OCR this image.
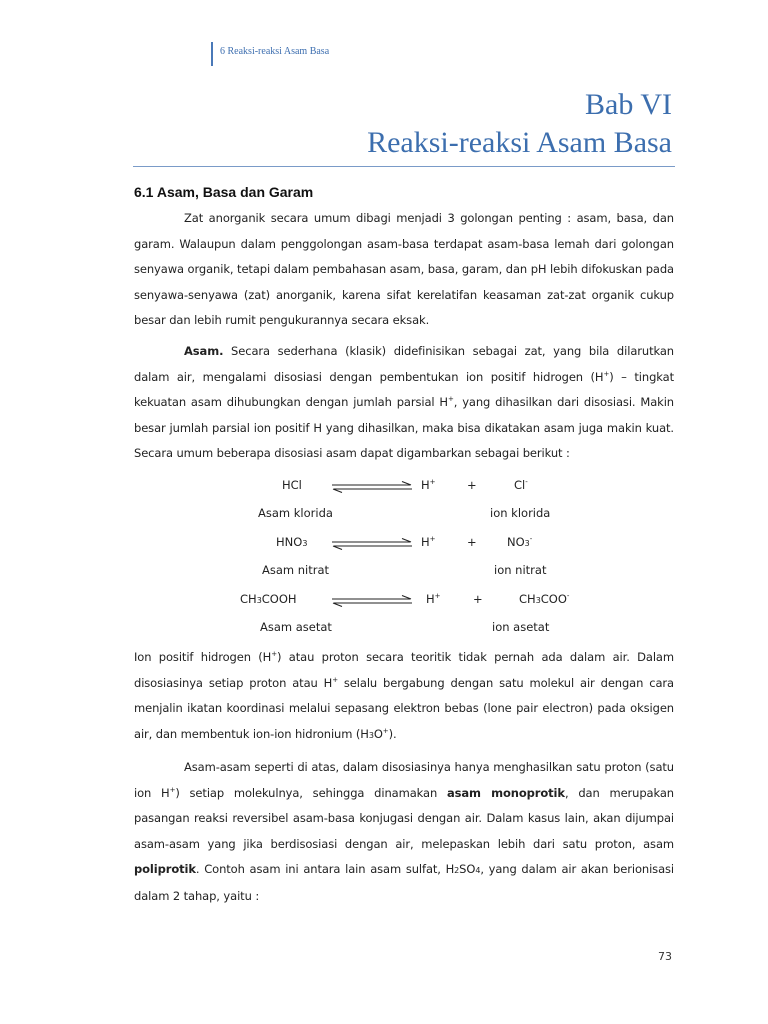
6 Reaksi-reaksi Asam Basa
Bab VI
Reaksi-reaksi Asam Basa
6.1 Asam, Basa dan Garam
Zat anorganik secara umum dibagi menjadi 3 golongan penting : asam, basa, dan garam. Walaupun dalam penggolongan asam-basa terdapat asam-basa lemah dari golongan senyawa organik, tetapi dalam pembahasan asam, basa, garam, dan pH lebih difokuskan pada senyawa-senyawa (zat) anorganik, karena sifat kerelatifan keasaman zat-zat organik cukup besar dan lebih rumit pengukurannya secara eksak.
Asam. Secara sederhana (klasik) didefinisikan sebagai zat, yang bila dilarutkan dalam air, mengalami disosiasi dengan pembentukan ion positif hidrogen (H+) – tingkat kekuatan asam dihubungkan dengan jumlah parsial H+, yang dihasilkan dari disosiasi. Makin besar jumlah parsial ion positif H yang dihasilkan, maka bisa dikatakan asam juga makin kuat. Secara umum beberapa disosiasi asam dapat digambarkan sebagai berikut :
HCl	H+	+	Cl-
Asam klorida	ion klorida
HNO3	H+	+	NO3-
Asam nitrat	ion nitrat
CH3COOH	H+	+	CH3COO-
Asam asetat	ion asetat
Ion positif hidrogen (H+) atau proton secara teoritik tidak pernah ada dalam air. Dalam disosiasinya setiap proton atau H+ selalu bergabung dengan satu molekul air dengan cara menjalin ikatan koordinasi melalui sepasang elektron bebas (lone pair electron) pada oksigen air, dan membentuk ion-ion hidronium (H3O+).
Asam-asam seperti di atas, dalam disosiasinya hanya menghasilkan satu proton (satu ion H+) setiap molekulnya, sehingga dinamakan asam monoprotik, dan merupakan pasangan reaksi reversibel asam-basa konjugasi dengan air. Dalam kasus lain, akan dijumpai asam-asam yang jika berdisosiasi dengan air, melepaskan lebih dari satu proton, asam poliprotik. Contoh asam ini antara lain asam sulfat, H2SO4, yang dalam air akan berionisasi dalam 2 tahap, yaitu :
73
